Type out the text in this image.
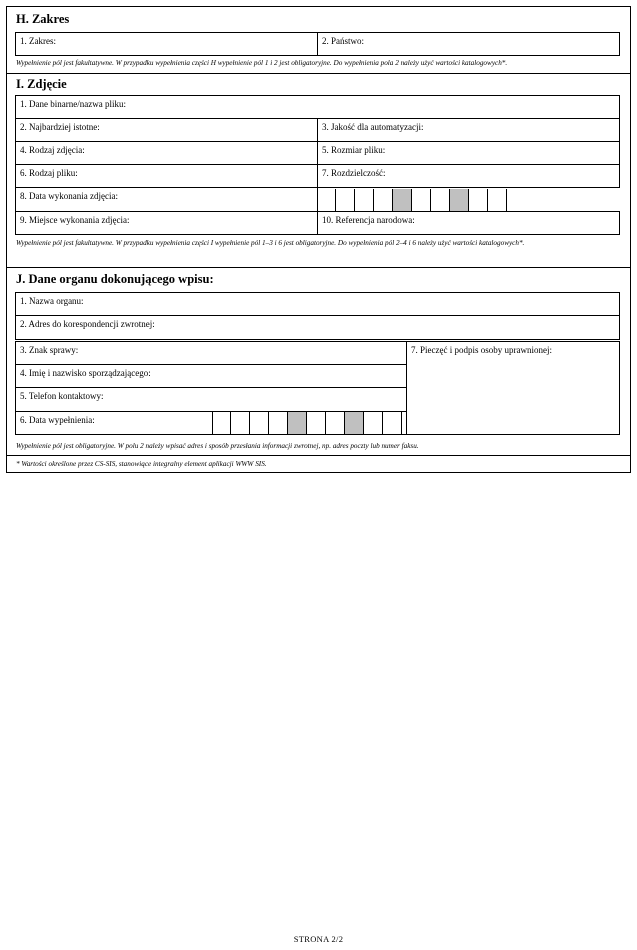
H. Zakres
1. Zakres:	2. Państwo:
Wypełnienie pól jest fakultatywne. W przypadku wypełnienia części H wypełnienie pól 1 i 2 jest obligatoryjne. Do wypełnienia pola 2 należy użyć wartości katalogowych*.
I. Zdjęcie
1. Dane binarne/nazwa pliku:
2. Najbardziej istotne:	3. Jakość dla automatyzacji:
4. Rodzaj zdjęcia:	5. Rozmiar pliku:
6. Rodzaj pliku:	7. Rozdzielczość:
8. Data wykonania zdjęcia:
9. Miejsce wykonania zdjęcia:	10. Referencja narodowa:
Wypełnienie pól jest fakultatywne. W przypadku wypełnienia części I wypełnienie pól 1–3 i 6 jest obligatoryjne. Do wypełnienia pól 2–4 i 6 należy użyć wartości katalogowych*.
J. Dane organu dokonującego wpisu:
1. Nazwa organu:
2. Adres do korespondencji zwrotnej:
3. Znak sprawy:
4. Imię i nazwisko sporządzającego:
5. Telefon kontaktowy:
6. Data wypełnienia:
7. Pieczęć i podpis osoby uprawnionej:
Wypełnienie pól jest obligatoryjne. W polu 2 należy wpisać adres i sposób przesłania informacji zwrotnej, np. adres poczty lub numer faksu.
* Wartości określone przez CS-SIS, stanowiące integralny element aplikacji WWW SIS.
STRONA 2/2
